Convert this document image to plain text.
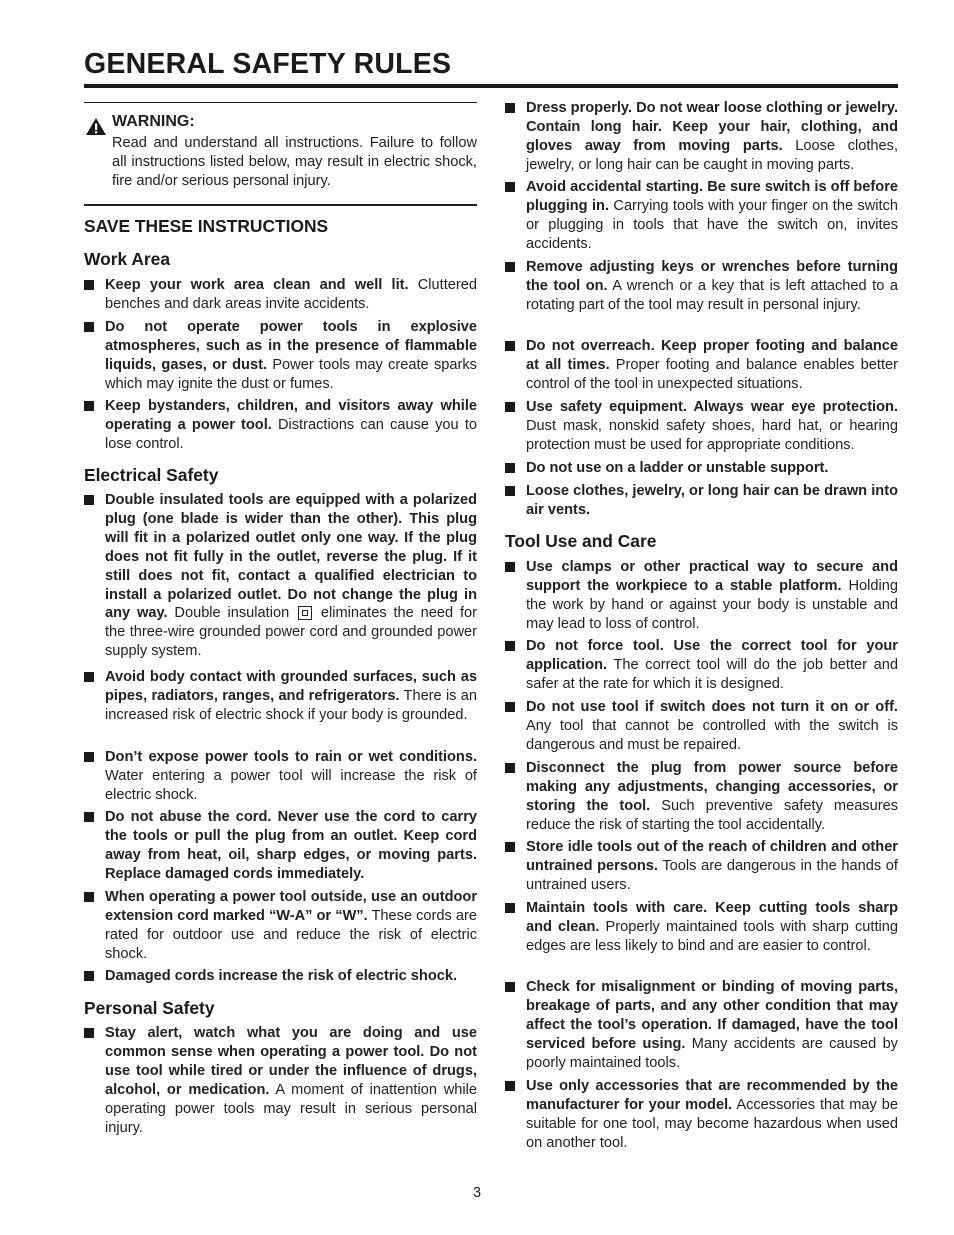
GENERAL SAFETY RULES
WARNING:
Read and understand all instructions. Failure to follow all instructions listed below, may result in electric shock, fire and/or serious personal injury.
SAVE THESE INSTRUCTIONS
Work Area
Keep your work area clean and well lit. Cluttered benches and dark areas invite accidents.
Do not operate power tools in explosive atmospheres, such as in the presence of flammable liquids, gases, or dust. Power tools may create sparks which may ignite the dust or fumes.
Keep bystanders, children, and visitors away while operating a power tool. Distractions can cause you to lose control.
Electrical Safety
Double insulated tools are equipped with a polarized plug (one blade is wider than the other). This plug will fit in a polarized outlet only one way. If the plug does not fit fully in the outlet, reverse the plug. If it still does not fit, contact a qualified electrician to install a polarized outlet. Do not change the plug in any way. Double insulation  eliminates the need for the three-wire grounded power cord and grounded power supply system.
Avoid body contact with grounded surfaces, such as pipes, radiators, ranges, and refrigerators. There is an increased risk of electric shock if your body is grounded.
Don’t expose power tools to rain or wet conditions. Water entering a power tool will increase the risk of electric shock.
Do not abuse the cord. Never use the cord to carry the tools or pull the plug from an outlet. Keep cord away from heat, oil, sharp edges, or moving parts. Replace damaged cords immediately.
When operating a power tool outside, use an outdoor extension cord marked “W-A” or “W”. These cords are rated for outdoor use and reduce the risk of electric shock.
Damaged cords increase the risk of electric shock.
Personal Safety
Stay alert, watch what you are doing and use common sense when operating a power tool. Do not use tool while tired or under the influence of drugs, alcohol, or medication. A moment of inattention while operating power tools may result in serious personal injury.
Dress properly. Do not wear loose clothing or jewelry. Contain long hair. Keep your hair, clothing, and gloves away from moving parts. Loose clothes, jewelry, or long hair can be caught in moving parts.
Avoid accidental starting. Be sure switch is off before plugging in. Carrying tools with your finger on the switch or plugging in tools that have the switch on, invites accidents.
Remove adjusting keys or wrenches before turning the tool on. A wrench or a key that is left attached to a rotating part of the tool may result in personal injury.
Do not overreach. Keep proper footing and balance at all times. Proper footing and balance enables better control of the tool in unexpected situations.
Use safety equipment. Always wear eye protection. Dust mask, nonskid safety shoes, hard hat, or hearing protection must be used for appropriate conditions.
Do not use on a ladder or unstable support.
Loose clothes, jewelry, or long hair can be drawn into air vents.
Tool Use and Care
Use clamps or other practical way to secure and support the workpiece to a stable platform. Holding the work by hand or against your body is unstable and may lead to loss of control.
Do not force tool. Use the correct tool for your application. The correct tool will do the job better and safer at the rate for which it is designed.
Do not use tool if switch does not turn it on or off. Any tool that cannot be controlled with the switch is dangerous and must be repaired.
Disconnect the plug from power source before making any adjustments, changing accessories, or storing the tool. Such preventive safety measures reduce the risk of starting the tool accidentally.
Store idle tools out of the reach of children and other untrained persons. Tools are dangerous in the hands of untrained users.
Maintain tools with care. Keep cutting tools sharp and clean. Properly maintained tools with sharp cutting edges are less likely to bind and are easier to control.
Check for misalignment or binding of moving parts, breakage of parts, and any other condition that may affect the tool’s operation. If damaged, have the tool serviced before using. Many accidents are caused by poorly maintained tools.
Use only accessories that are recommended by the manufacturer for your model. Accessories that may be suitable for one tool, may become hazardous when used on another tool.
3
